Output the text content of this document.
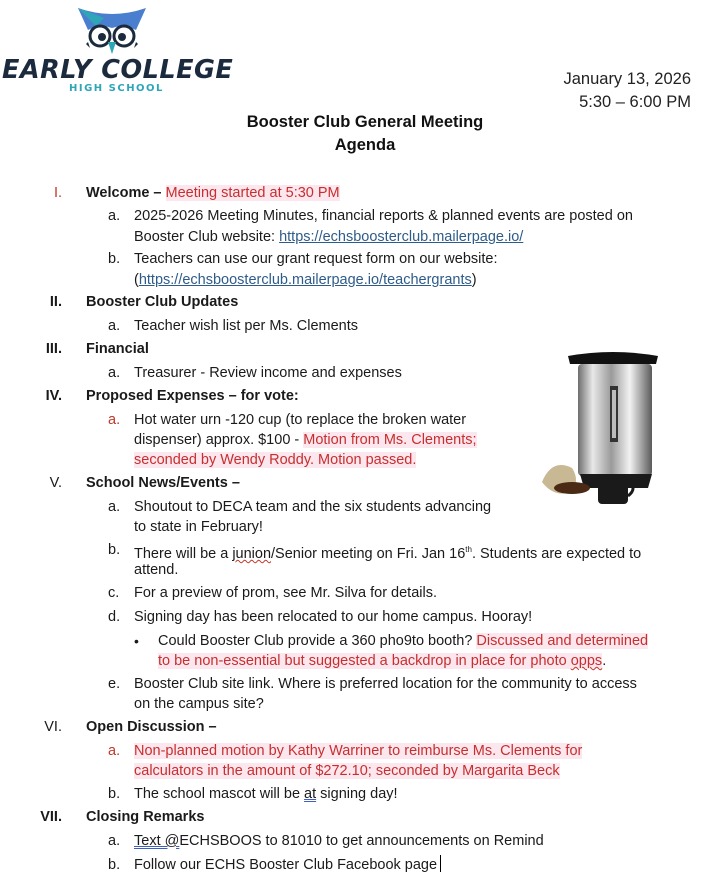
EARLY COLLEGE
HIGH SCHOOL
January 13, 2026
5:30 – 6:00 PM
Booster Club General Meeting
Agenda
I. Welcome – Meeting started at 5:30 PM
a. 2025-2026 Meeting Minutes, financial reports & planned events are posted on
Booster Club website: https://echsboosterclub.mailerpage.io/
b. Teachers can use our grant request form on our website:
(https://echsboosterclub.mailerpage.io/teachergrants)
II. Booster Club Updates
a. Teacher wish list per Ms. Clements
III. Financial
a. Treasurer - Review income and expenses
IV. Proposed Expenses – for vote:
a. Hot water urn -120 cup (to replace the broken water
dispenser) approx. $100 - Motion from Ms. Clements;
seconded by Wendy Roddy. Motion passed.
V. School News/Events –
a. Shoutout to DECA team and the six students advancing
to state in February!
b. There will be a junion/Senior meeting on Fri. Jan 16th. Students are expected to
attend.
c.	For a preview of prom, see Mr. Silva for details.
d. Signing day has been relocated to our home campus. Hooray!
• Could Booster Club provide a 360 pho9to booth? Discussed and determined
to be non-essential but suggested a backdrop in place for photo opps.
e. Booster Club site link. Where is preferred location for the community to access
on the campus site?
VI. Open Discussion –
a. Non-planned motion by Kathy Warriner to reimburse Ms. Clements for
calculators in the amount of $272.10; seconded by Margarita Beck
b. The school mascot will be at signing day!
VII. Closing Remarks
a. Text @ECHSBOOS to 81010 to get announcements on Remind
b. Follow our ECHS Booster Club Facebook page
